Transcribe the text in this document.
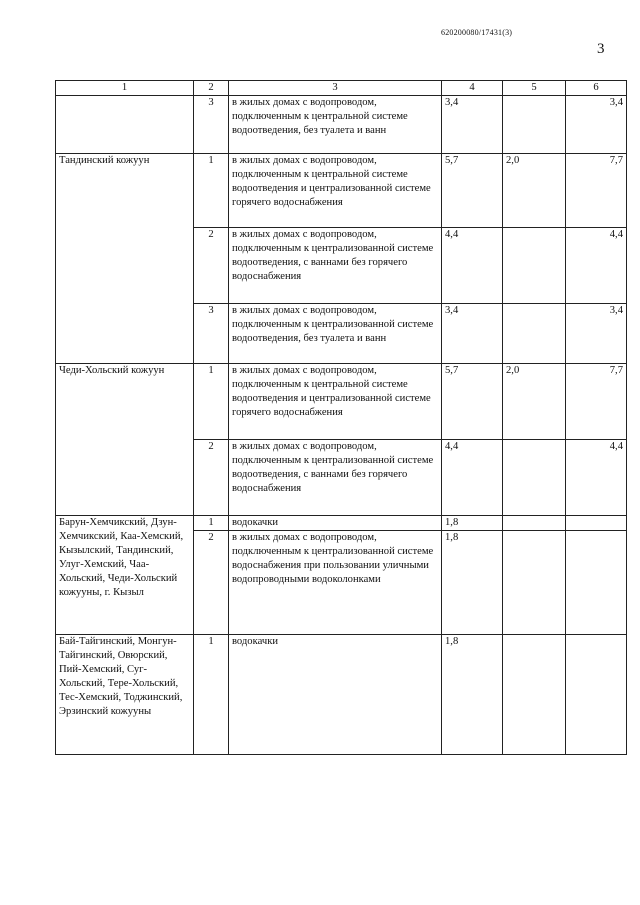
620200080/17431(3)
3
1	2	3	4	5	6
	3	в жилых домах с водопроводом, подключенным к центральной системе водоотведения, без туалета и ванн	3,4		3,4
Тандинский кожуун	1	в жилых домах с водопроводом, подключенным к центральной системе водоотведения и централизованной системе горячего водоснабжения	5,7	2,0	7,7
	2	в жилых домах с водопроводом, подключенным к централизованной системе водоотведения, с ваннами без горячего водоснабжения	4,4		4,4
	3	в жилых домах с водопроводом, подключенным к централизованной системе водоотведения, без туалета и ванн	3,4		3,4
Чеди-Хольский кожуун	1	в жилых домах с водопроводом, подключенным к центральной системе водоотведения и централизованной системе горячего водоснабжения	5,7	2,0	7,7
	2	в жилых домах с водопроводом, подключенным к централизованной системе водоотведения, с ваннами без горячего водоснабжения	4,4		4,4
Барун-Хемчикский, Дзун-Хемчикский, Каа-Хемский, Кызылский, Тандинский, Улуг-Хемский, Чаа-Хольский, Чеди-Хольский кожууны, г. Кызыл	1	водокачки	1,8		
	2	в жилых домах с водопроводом, подключенным к централизованной системе водоснабжения при пользовании уличными водопроводными водоколонками	1,8		
Бай-Тайгинский, Монгун-Тайгинский, Овюрский, Пий-Хемский, Суг-Хольский, Тере-Хольский, Тес-Хемский, Тоджинский, Эрзинский кожууны	1	водокачки	1,8		
